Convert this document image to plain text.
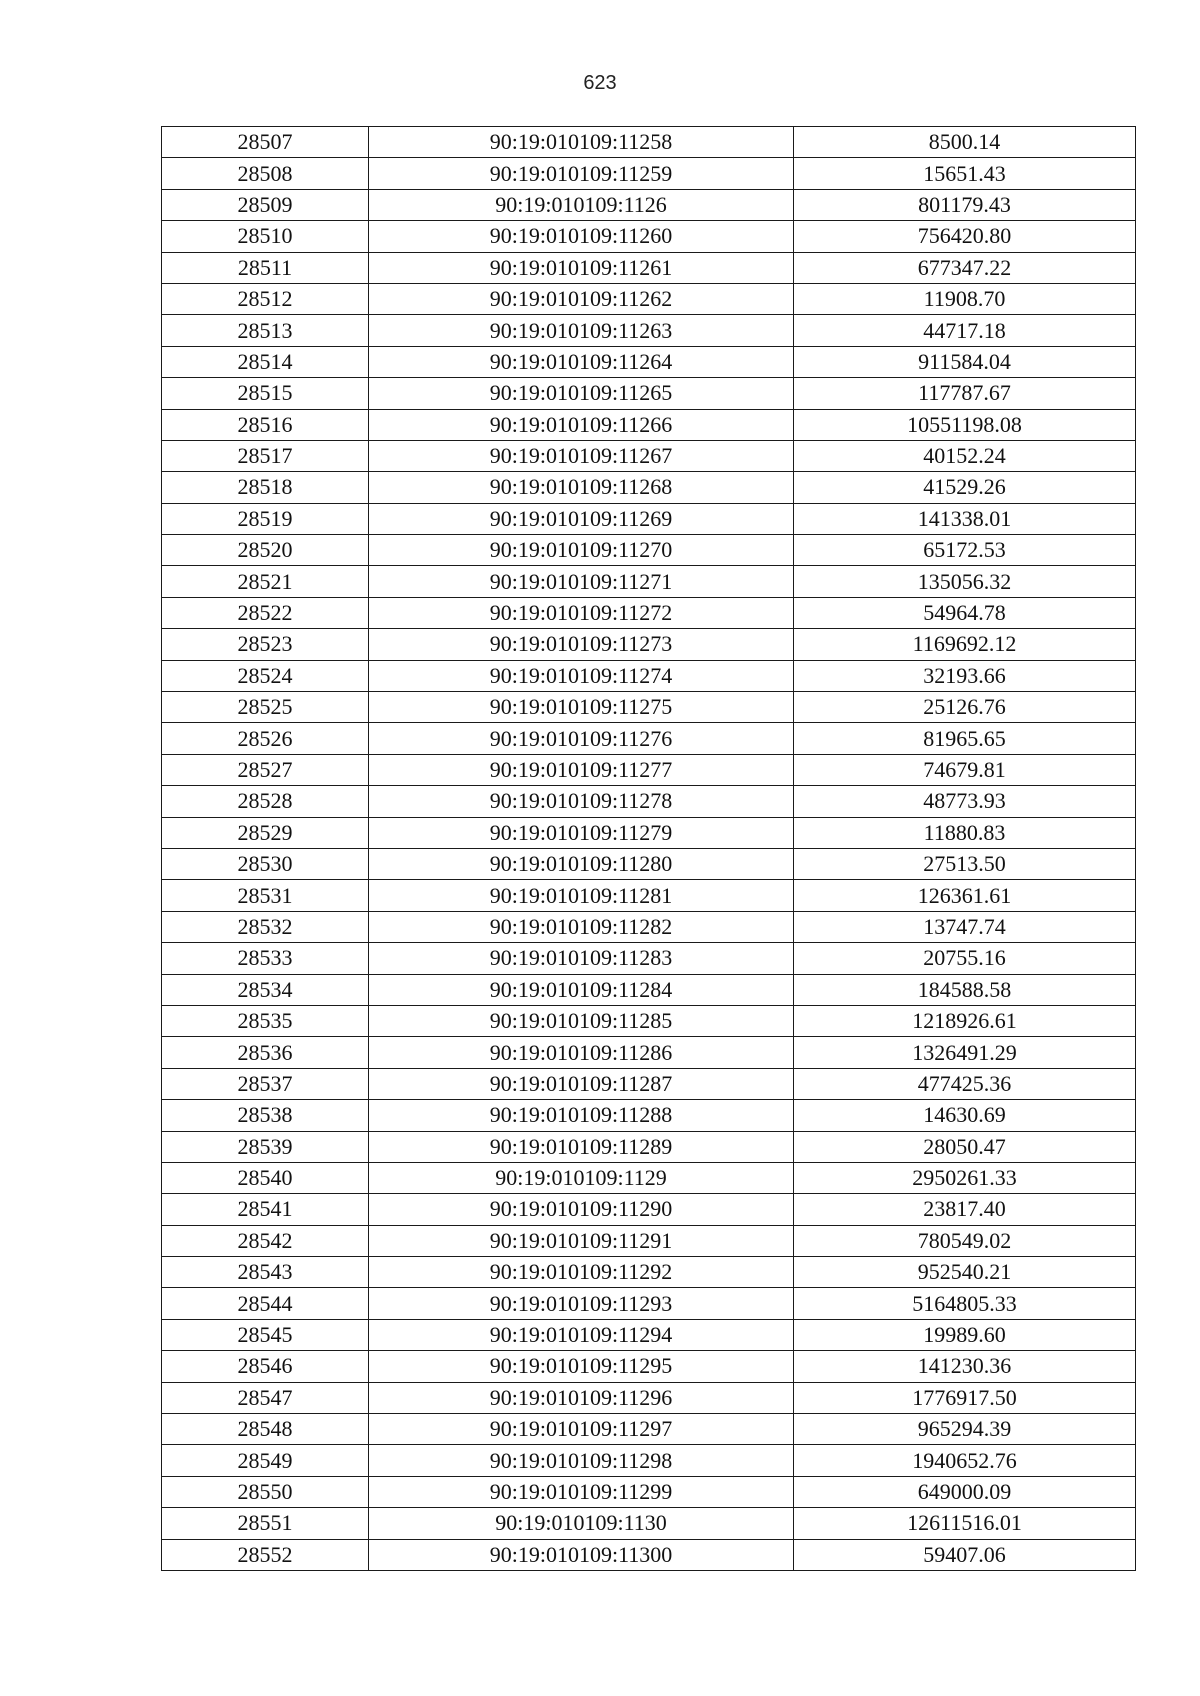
623
28507	90:19:010109:11258	8500.14
28508	90:19:010109:11259	15651.43
28509	90:19:010109:1126	801179.43
28510	90:19:010109:11260	756420.80
28511	90:19:010109:11261	677347.22
28512	90:19:010109:11262	11908.70
28513	90:19:010109:11263	44717.18
28514	90:19:010109:11264	911584.04
28515	90:19:010109:11265	117787.67
28516	90:19:010109:11266	10551198.08
28517	90:19:010109:11267	40152.24
28518	90:19:010109:11268	41529.26
28519	90:19:010109:11269	141338.01
28520	90:19:010109:11270	65172.53
28521	90:19:010109:11271	135056.32
28522	90:19:010109:11272	54964.78
28523	90:19:010109:11273	1169692.12
28524	90:19:010109:11274	32193.66
28525	90:19:010109:11275	25126.76
28526	90:19:010109:11276	81965.65
28527	90:19:010109:11277	74679.81
28528	90:19:010109:11278	48773.93
28529	90:19:010109:11279	11880.83
28530	90:19:010109:11280	27513.50
28531	90:19:010109:11281	126361.61
28532	90:19:010109:11282	13747.74
28533	90:19:010109:11283	20755.16
28534	90:19:010109:11284	184588.58
28535	90:19:010109:11285	1218926.61
28536	90:19:010109:11286	1326491.29
28537	90:19:010109:11287	477425.36
28538	90:19:010109:11288	14630.69
28539	90:19:010109:11289	28050.47
28540	90:19:010109:1129	2950261.33
28541	90:19:010109:11290	23817.40
28542	90:19:010109:11291	780549.02
28543	90:19:010109:11292	952540.21
28544	90:19:010109:11293	5164805.33
28545	90:19:010109:11294	19989.60
28546	90:19:010109:11295	141230.36
28547	90:19:010109:11296	1776917.50
28548	90:19:010109:11297	965294.39
28549	90:19:010109:11298	1940652.76
28550	90:19:010109:11299	649000.09
28551	90:19:010109:1130	12611516.01
28552	90:19:010109:11300	59407.06
